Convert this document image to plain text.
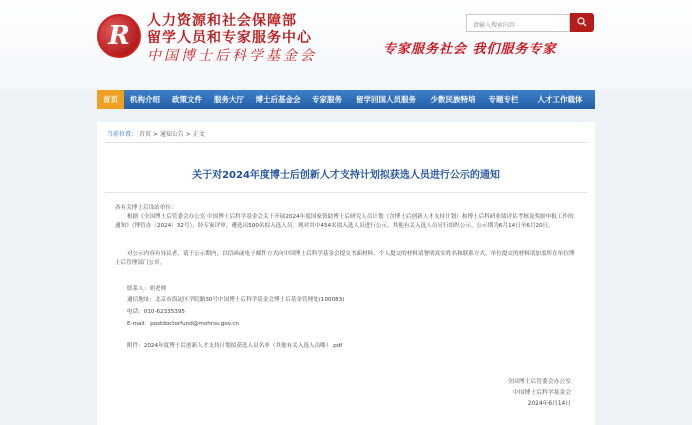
R	人力资源和社会保障部
留学人员和专家服务中心
中国博士后科学基金会
请输入搜索内容
专家服务社会 我们服务专家
首页	机构介绍	政策文件	服务大厅	博士后基金会	专家服务	留学回国人员服务	少数民族特培	专题专栏	人才工作载体
当前位置： 首页 > 通知公告 > 正文
关于对2024年度博士后创新人才支持计划拟获选人员进行公示的通知
各有关博士后设站单位：
根据《全国博士后管委会办公室 中国博士后科学基金会关于开展2024年度国家资助博士后研究人员计划（含博士后创新人才支持计划）和博士后科研业绩评估考核及奖励申报工作的通知》（博管办〔2024〕32号），经专家评审，遴选出500名拟入选人员。现对其中454名拟入选人员进行公示，其他有关入选人员另行组织公示。公示期为6月14日至6月20日。
对公示内容有异议者，请于公示期内，以信函或电子邮件方式向中国博士后科学基金会提交书面材料。个人提交的材料请署明真实姓名和联系方式，单位提交的材料请加盖所在单位博士后管理部门公章。
联系人：胡老师
通信地址：北京市海淀区学院路30号中国博士后科学基金会博士后基金管理处(100083)
电话：010-62335395
E-mail：postdoctorfund@mohrss.gov.cn
附件：2024年度博士后创新人才支持计划拟获选人员名单（其他有关入选人员略）.pdf
全国博士后管委会办公室
中国博士后科学基金会
2024年6月14日
